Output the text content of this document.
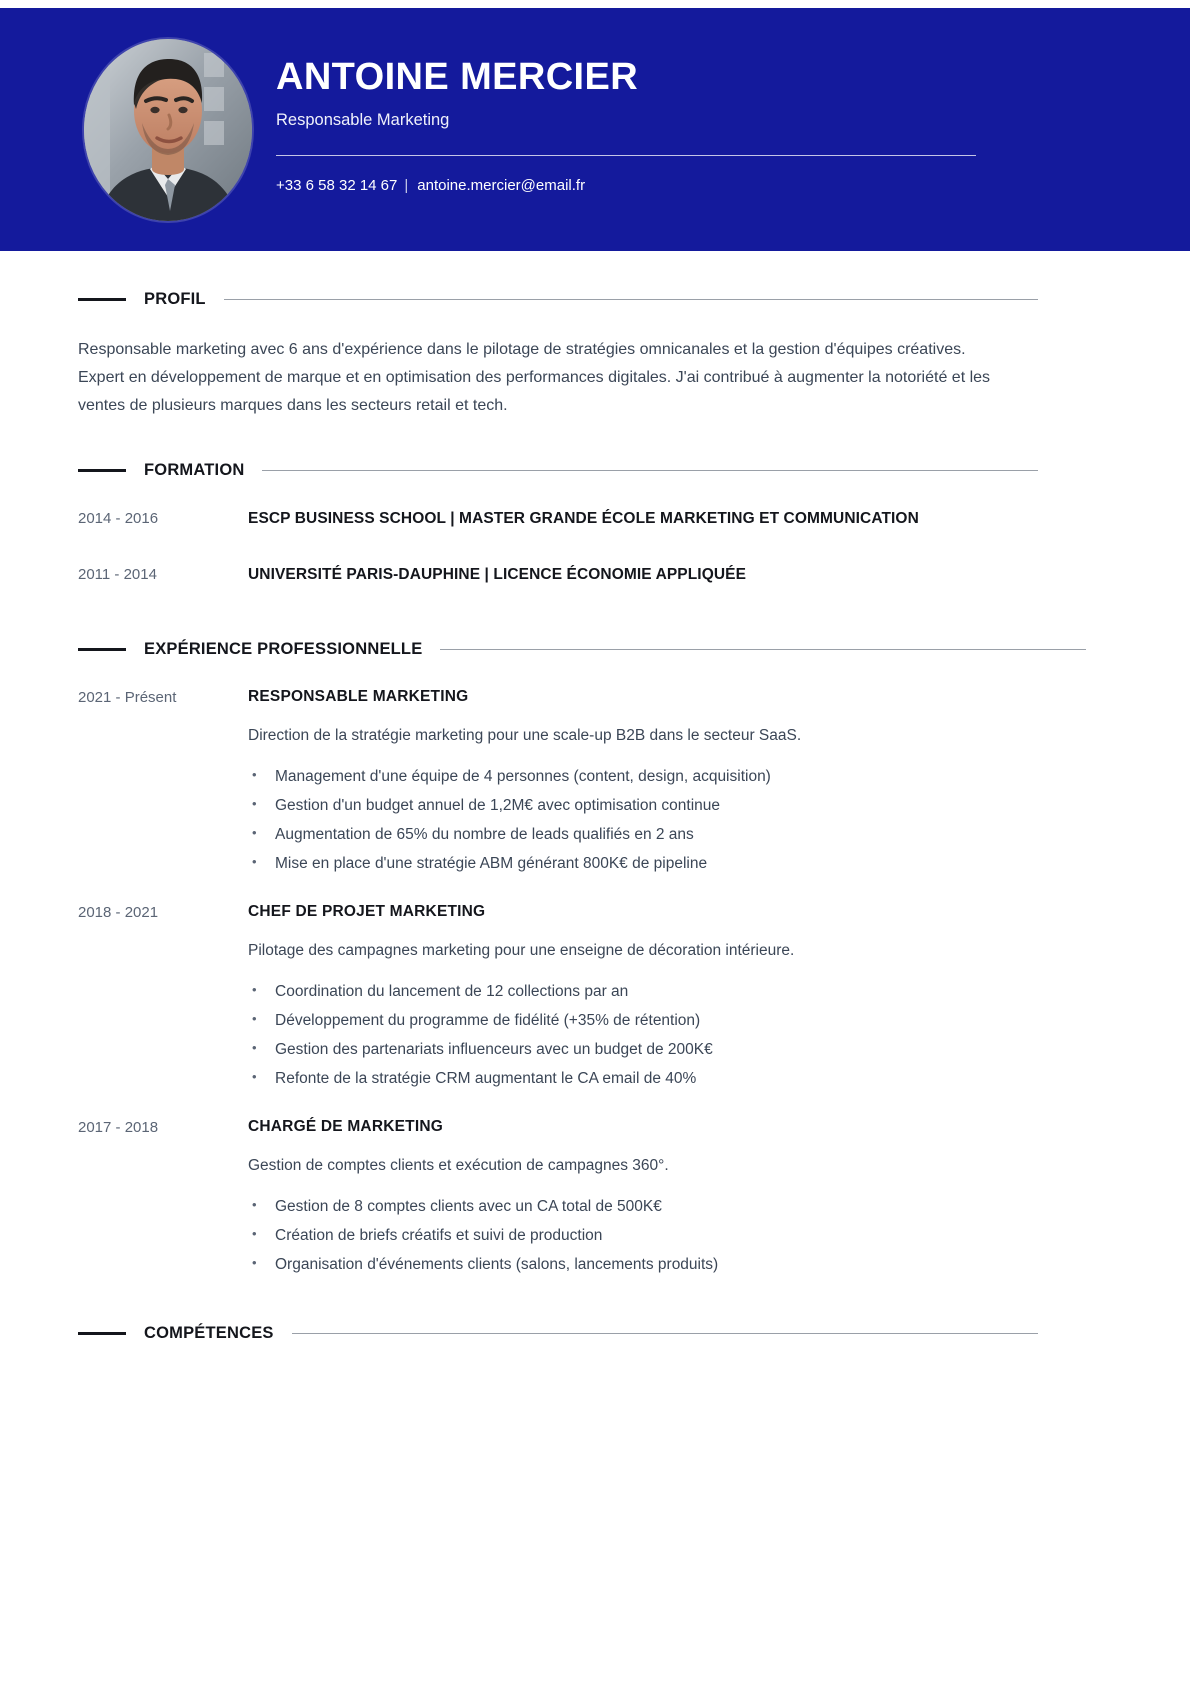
ANTOINE MERCIER
Responsable Marketing
+33 6 58 32 14 67 | antoine.mercier@email.fr
PROFIL
Responsable marketing avec 6 ans d'expérience dans le pilotage de stratégies omnicanales et la gestion d'équipes créatives. Expert en développement de marque et en optimisation des performances digitales. J'ai contribué à augmenter la notoriété et les ventes de plusieurs marques dans les secteurs retail et tech.
FORMATION
2014 - 2016	ESCP BUSINESS SCHOOL | MASTER GRANDE ÉCOLE MARKETING ET COMMUNICATION
2011 - 2014	UNIVERSITÉ PARIS-DAUPHINE | LICENCE ÉCONOMIE APPLIQUÉE
EXPÉRIENCE PROFESSIONNELLE
2021 - Présent	RESPONSABLE MARKETING
Direction de la stratégie marketing pour une scale-up B2B dans le secteur SaaS.
• Management d'une équipe de 4 personnes (content, design, acquisition)
• Gestion d'un budget annuel de 1,2M€ avec optimisation continue
• Augmentation de 65% du nombre de leads qualifiés en 2 ans
• Mise en place d'une stratégie ABM générant 800K€ de pipeline
2018 - 2021	CHEF DE PROJET MARKETING
Pilotage des campagnes marketing pour une enseigne de décoration intérieure.
• Coordination du lancement de 12 collections par an
• Développement du programme de fidélité (+35% de rétention)
• Gestion des partenariats influenceurs avec un budget de 200K€
• Refonte de la stratégie CRM augmentant le CA email de 40%
2017 - 2018	CHARGÉ DE MARKETING
Gestion de comptes clients et exécution de campagnes 360°.
• Gestion de 8 comptes clients avec un CA total de 500K€
• Création de briefs créatifs et suivi de production
• Organisation d'événements clients (salons, lancements produits)
COMPÉTENCES
